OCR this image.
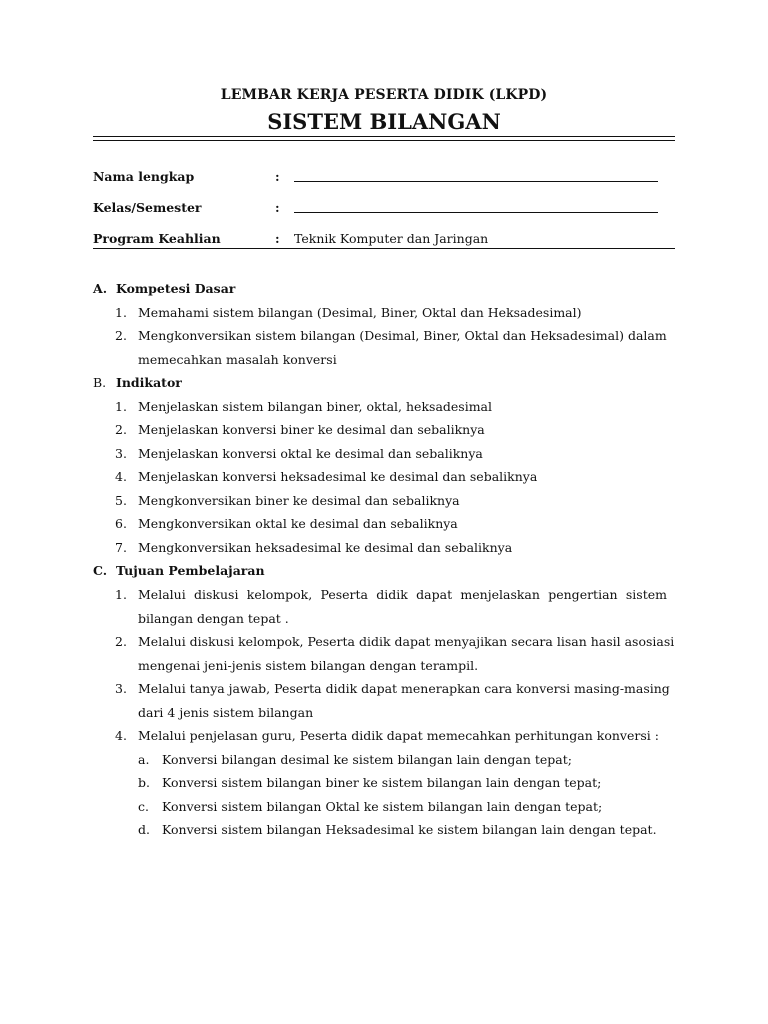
LEMBAR KERJA PESERTA DIDIK (LKPD)
SISTEM BILANGAN
Nama lengkap	:
Kelas/Semester	:
Program Keahlian	: Teknik Komputer dan Jaringan
A. Kompetesi Dasar
1. Memahami sistem bilangan (Desimal, Biner, Oktal dan Heksadesimal)
2. Mengkonversikan sistem bilangan (Desimal, Biner, Oktal dan Heksadesimal) dalam
memecahkan masalah konversi
B. Indikator
1. Menjelaskan sistem bilangan biner, oktal, heksadesimal
2. Menjelaskan konversi biner ke desimal dan sebaliknya
3. Menjelaskan konversi oktal ke desimal dan sebaliknya
4. Menjelaskan konversi heksadesimal ke desimal dan sebaliknya
5. Mengkonversikan biner ke desimal dan sebaliknya
6. Mengkonversikan oktal ke desimal dan sebaliknya
7. Mengkonversikan heksadesimal ke desimal dan sebaliknya
C. Tujuan Pembelajaran
1. Melalui diskusi kelompok, Peserta didik dapat menjelaskan pengertian sistem
bilangan dengan tepat .
2. Melalui diskusi kelompok, Peserta didik dapat menyajikan secara lisan hasil asosiasi
mengenai jeni-jenis sistem bilangan dengan terampil.
3. Melalui tanya jawab, Peserta didik dapat menerapkan cara konversi masing-masing
dari 4 jenis sistem bilangan
4. Melalui penjelasan guru, Peserta didik dapat memecahkan perhitungan konversi :
a.	Konversi bilangan desimal ke sistem bilangan lain dengan tepat;
b. Konversi sistem bilangan biner ke sistem bilangan lain dengan tepat;
c.	Konversi sistem bilangan Oktal ke sistem bilangan lain dengan tepat;
d. Konversi sistem bilangan Heksadesimal ke sistem bilangan lain dengan tepat.
